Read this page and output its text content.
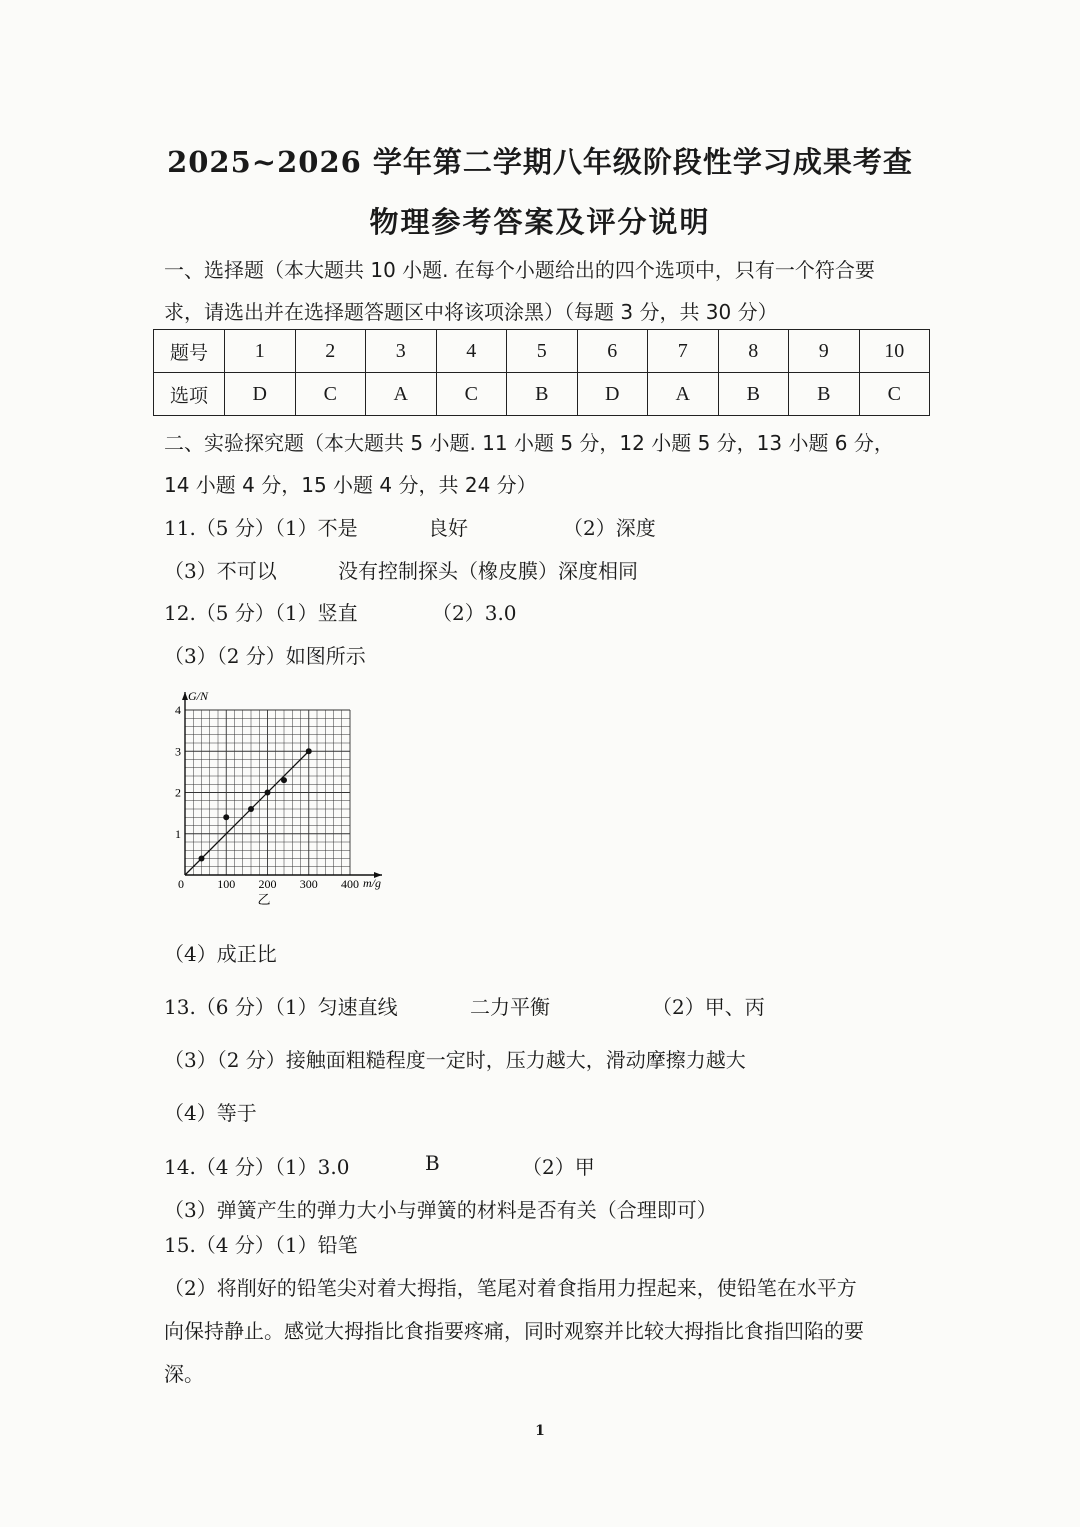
2025~2026 学年第二学期八年级阶段性学习成果考查
物理参考答案及评分说明
一、选择题（本大题共 10 小题. 在每个小题给出的四个选项中，只有一个符合要
求，请选出并在选择题答题区中将该项涂黑）（每题 3 分，共 30 分）
题号	1	2	3	4	5	6	7	8	9	10
选项	D	C	A	C	B	D	A	B	B	C
二、实验探究题（本大题共 5 小题. 11 小题 5 分，12 小题 5 分，13 小题 6 分，
14 小题 4 分，15 小题 4 分，共 24 分）
11.（5 分）（1）不是	良好	（2）深度
（3）不可以	没有控制探头（橡皮膜）深度相同
12.（5 分）（1）竖直	（2）3.0
（3）（2 分）如图所示
0	100 200 300 400
1
2
3
4
G/N
m/g
乙
（4）成正比
13.（6 分）（1）匀速直线	二力平衡	（2）甲、丙
（3）（2 分）接触面粗糙程度一定时，压力越大，滑动摩擦力越大
（4）等于
14.（4 分）（1）3.0	B	（2）甲
（3）弹簧产生的弹力大小与弹簧的材料是否有关（合理即可）
15.（4 分）（1）铅笔
（2）将削好的铅笔尖对着大拇指，笔尾对着食指用力捏起来，使铅笔在水平方
向保持静止。感觉大拇指比食指要疼痛，同时观察并比较大拇指比食指凹陷的要
深。
1
